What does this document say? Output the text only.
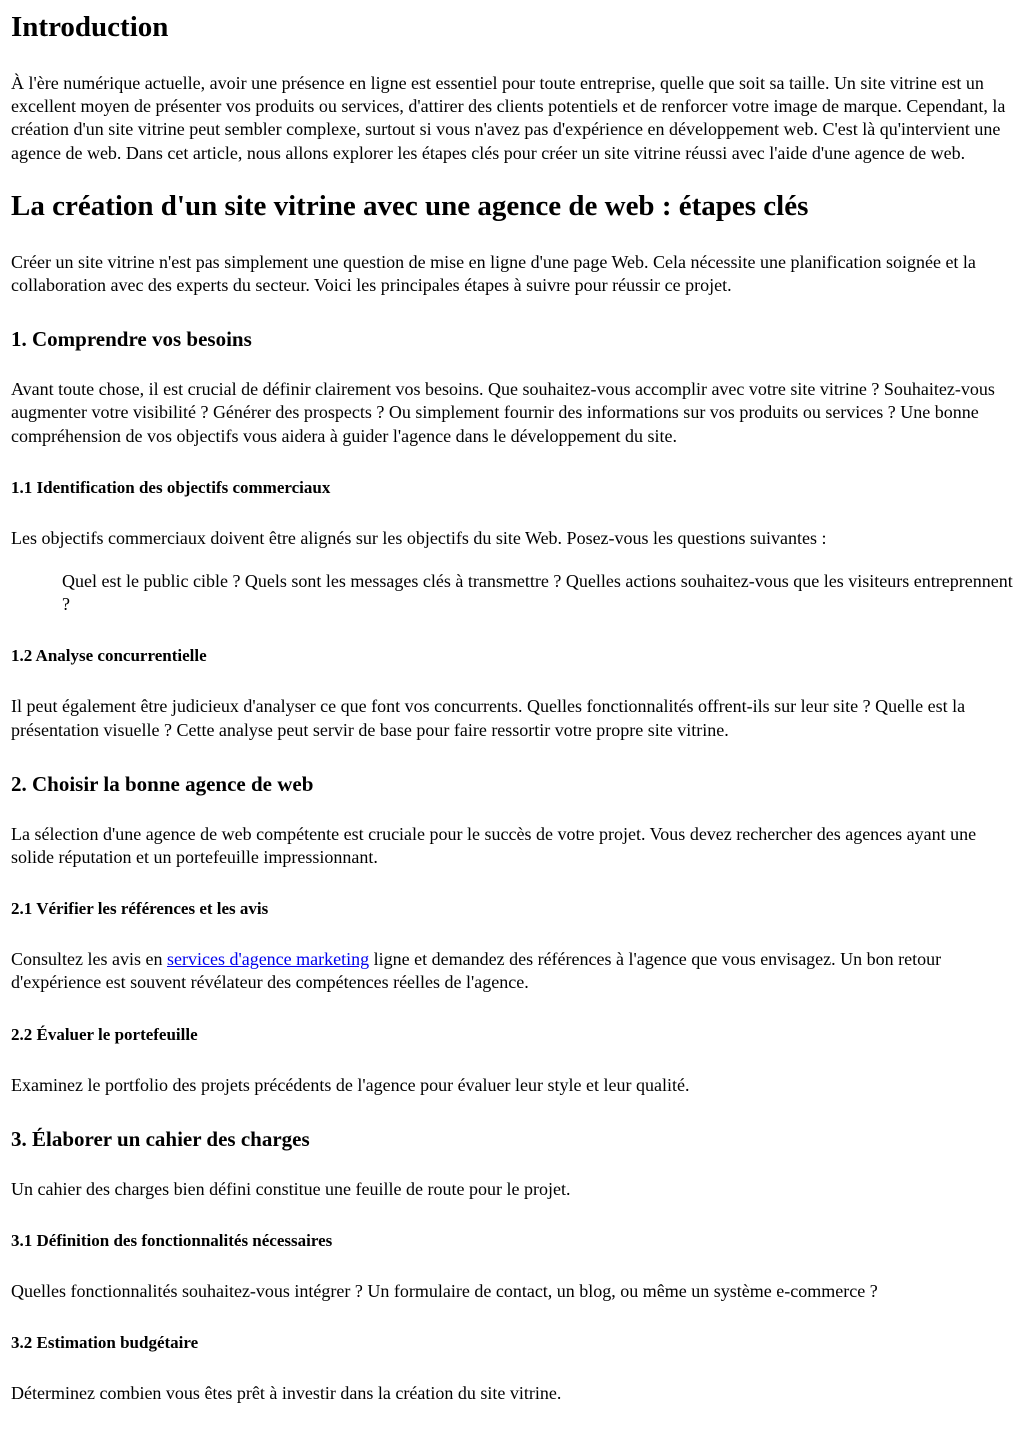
Introduction

À l'ère numérique actuelle, avoir une présence en ligne est essentiel pour toute entreprise, quelle que soit sa taille. Un site vitrine est un excellent moyen de présenter vos produits ou services, d'attirer des clients potentiels et de renforcer votre image de marque. Cependant, la création d'un site vitrine peut sembler complexe, surtout si vous n'avez pas d'expérience en développement web. C'est là qu'intervient une agence de web. Dans cet article, nous allons explorer les étapes clés pour créer un site vitrine réussi avec l'aide d'une agence de web.

La création d'un site vitrine avec une agence de web : étapes clés

Créer un site vitrine n'est pas simplement une question de mise en ligne d'une page Web. Cela nécessite une planification soignée et la collaboration avec des experts du secteur. Voici les principales étapes à suivre pour réussir ce projet.

1. Comprendre vos besoins

Avant toute chose, il est crucial de définir clairement vos besoins. Que souhaitez-vous accomplir avec votre site vitrine ? Souhaitez-vous augmenter votre visibilité ? Générer des prospects ? Ou simplement fournir des informations sur vos produits ou services ? Une bonne compréhension de vos objectifs vous aidera à guider l'agence dans le développement du site.

1.1 Identification des objectifs commerciaux

Les objectifs commerciaux doivent être alignés sur les objectifs du site Web. Posez-vous les questions suivantes :

Quel est le public cible ? Quels sont les messages clés à transmettre ? Quelles actions souhaitez-vous que les visiteurs entreprennent ?
1.2 Analyse concurrentielle

Il peut également être judicieux d'analyser ce que font vos concurrents. Quelles fonctionnalités offrent-ils sur leur site ? Quelle est la présentation visuelle ? Cette analyse peut servir de base pour faire ressortir votre propre site vitrine.

2. Choisir la bonne agence de web

La sélection d'une agence de web compétente est cruciale pour le succès de votre projet. Vous devez rechercher des agences ayant une solide réputation et un portefeuille impressionnant.

2.1 Vérifier les références et les avis

Consultez les avis en services d'agence marketing ligne et demandez des références à l'agence que vous envisagez. Un bon retour d'expérience est souvent révélateur des compétences réelles de l'agence.

2.2 Évaluer le portefeuille

Examinez le portfolio des projets précédents de l'agence pour évaluer leur style et leur qualité.

3. Élaborer un cahier des charges

Un cahier des charges bien défini constitue une feuille de route pour le projet.

3.1 Définition des fonctionnalités nécessaires

Quelles fonctionnalités souhaitez-vous intégrer ? Un formulaire de contact, un blog, ou même un système e-commerce ?

3.2 Estimation budgétaire

Déterminez combien vous êtes prêt à investir dans la création du site vitrine.
